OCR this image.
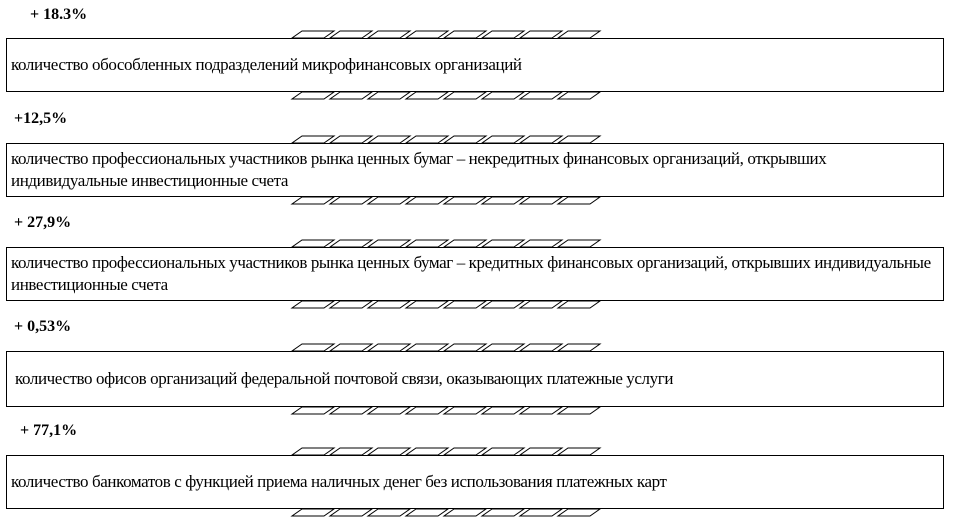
+ 18.3%
количество обособленных подразделений микрофинансовых организаций
+12,5%
количество профессиональных участников рынка ценных бумаг – некредитных финансовых организаций, открывших индивидуальные инвестиционные счета
+ 27,9%
количество профессиональных участников рынка ценных бумаг – кредитных финансовых организаций, открывших индивидуальные инвестиционные счета
+ 0,53%
количество офисов организаций федеральной почтовой связи, оказывающих платежные услуги
+ 77,1%
количество банкоматов с функцией приема наличных денег без использования платежных карт
